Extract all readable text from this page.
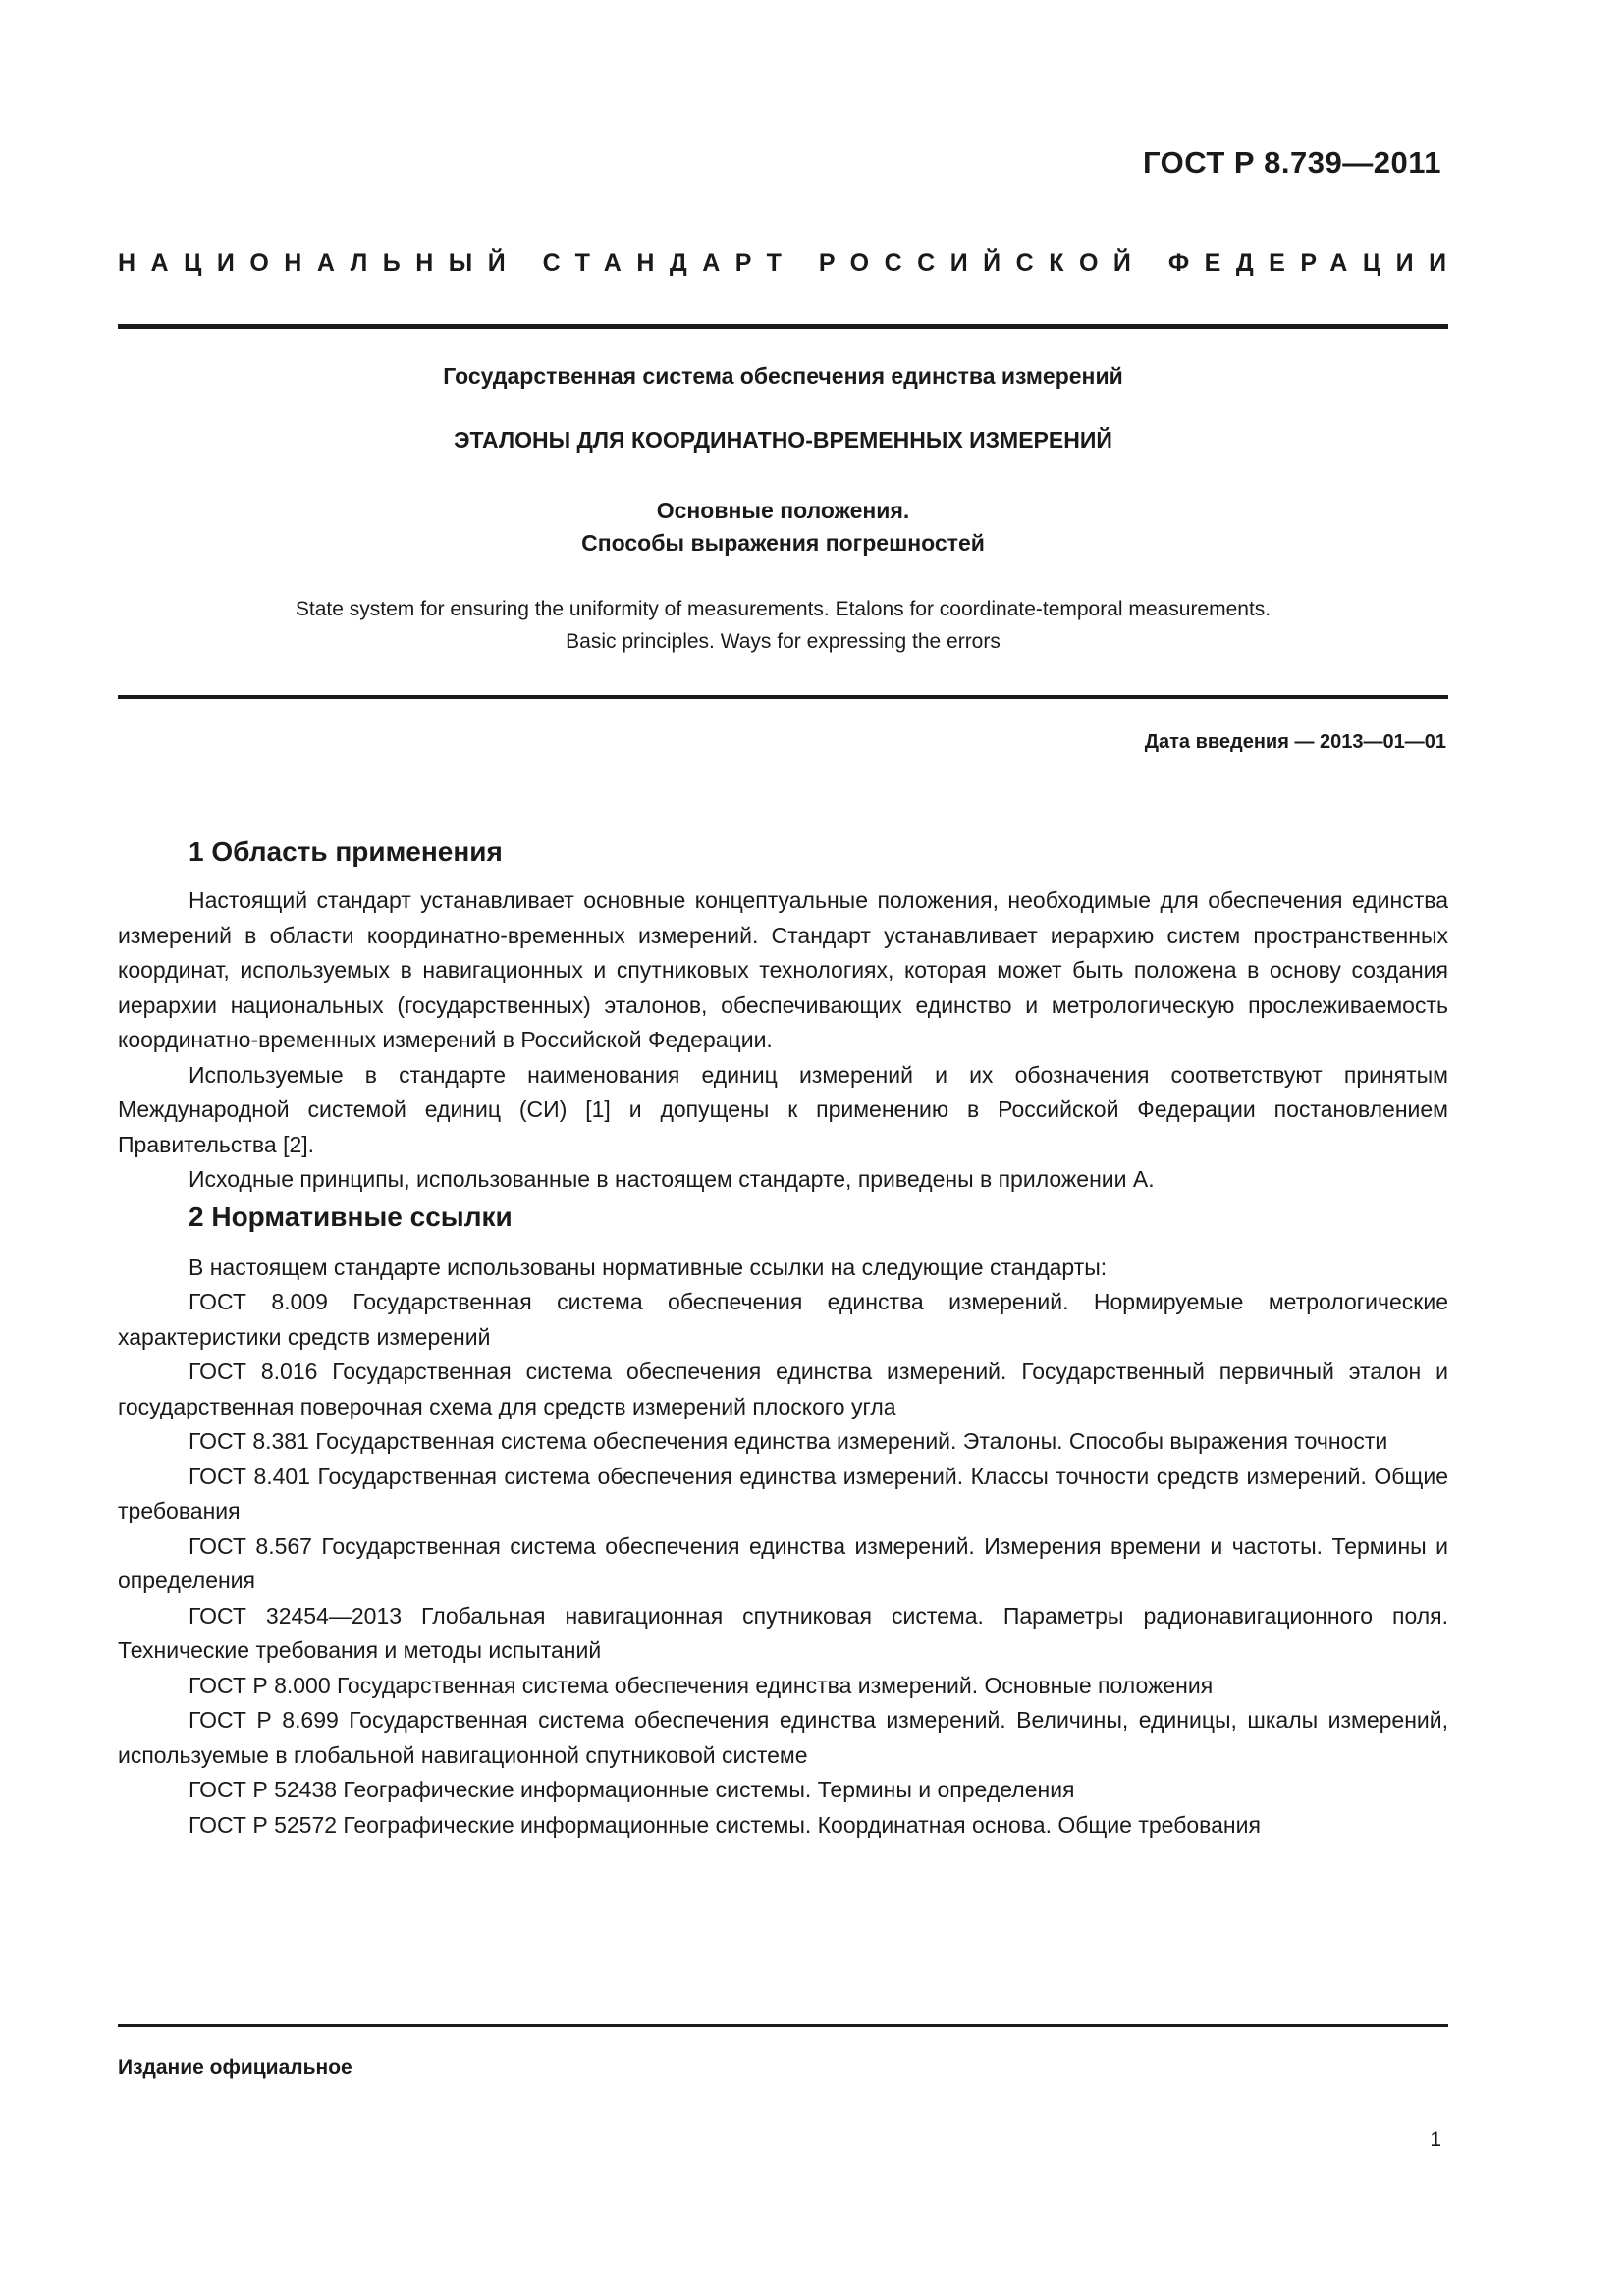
ГОСТ Р 8.739—2011
НАЦИОНАЛЬНЫЙ СТАНДАРТ РОССИЙСКОЙ ФЕДЕРАЦИИ
Государственная система обеспечения единства измерений
ЭТАЛОНЫ ДЛЯ КООРДИНАТНО-ВРЕМЕННЫХ ИЗМЕРЕНИЙ
Основные положения.
Способы выражения погрешностей
State system for ensuring the uniformity of measurements. Etalons for coordinate-temporal measurements.
Basic principles. Ways for expressing the errors
Дата введения — 2013—01—01
1 Область применения

Настоящий стандарт устанавливает основные концептуальные положения, необходимые для обеспечения единства измерений в области координатно-временных измерений. Стандарт устанавливает иерархию систем пространственных координат, используемых в навигационных и спутниковых технологиях, которая может быть положена в основу создания иерархии национальных (государственных) эталонов, обеспечивающих единство и метрологическую прослеживаемость координатно-временных измерений в Российской Федерации.

Используемые в стандарте наименования единиц измерений и их обозначения соответствуют принятым Международной системой единиц (СИ) [1] и допущены к применению в Российской Федерации постановлением Правительства [2].

Исходные принципы, использованные в настоящем стандарте, приведены в приложении А.

2 Нормативные ссылки

В настоящем стандарте использованы нормативные ссылки на следующие стандарты:

ГОСТ 8.009 Государственная система обеспечения единства измерений. Нормируемые метрологические характеристики средств измерений

ГОСТ 8.016 Государственная система обеспечения единства измерений. Государственный первичный эталон и государственная поверочная схема для средств измерений плоского угла

ГОСТ 8.381 Государственная система обеспечения единства измерений. Эталоны. Способы выражения точности

ГОСТ 8.401 Государственная система обеспечения единства измерений. Классы точности средств измерений. Общие требования

ГОСТ 8.567 Государственная система обеспечения единства измерений. Измерения времени и частоты. Термины и определения

ГОСТ 32454—2013 Глобальная навигационная спутниковая система. Параметры радионавигационного поля. Технические требования и методы испытаний

ГОСТ Р 8.000 Государственная система обеспечения единства измерений. Основные положения

ГОСТ Р 8.699 Государственная система обеспечения единства измерений. Величины, единицы, шкалы измерений, используемые в глобальной навигационной спутниковой системе

ГОСТ Р 52438 Географические информационные системы. Термины и определения

ГОСТ Р 52572 Географические информационные системы. Координатная основа. Общие требования

Издание официальное
1
